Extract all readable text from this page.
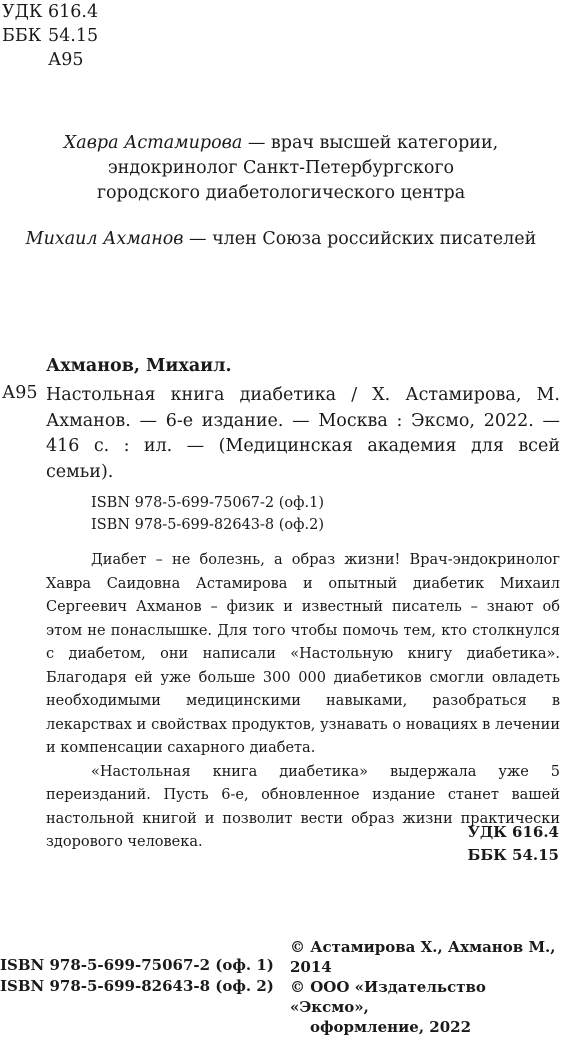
УДК 616.4
ББК 54.15
А95
Хавра Астамирова — врач высшей категории,
эндокринолог Санкт-Петербургского
городского диабетологического центра
Михаил Ахманов — член Союза российских писателей
Ахманов, Михаил.
А95 Настольная книга диабетика / Х. Астамирова, М. Ахманов. — 6-е издание. — Москва : Эксмо, 2022. — 416 с. : ил. — (Медицинская академия для всей семьи).
ISBN 978-5-699-75067-2 (оф.1)
ISBN 978-5-699-82643-8 (оф.2)

Диабет – не болезнь, а образ жизни! Врач-эндокринолог Хавра Саидовна Астамирова и опытный диабетик Михаил Сергеевич Ахманов – физик и известный писатель – знают об этом не понаслышке. Для того чтобы помочь тем, кто столкнулся с диабетом, они написали «Настольную книгу диабетика». Благодаря ей уже больше 300 000 диабетиков смогли овладеть необходимыми медицинскими навыками, разобраться в лекарствах и свойствах продуктов, узнавать о новациях в лечении и компенсации сахарного диабета.

«Настольная книга диабетика» выдержала уже 5 переизданий. Пусть 6-е, обновленное издание станет вашей настольной книгой и позволит вести образ жизни практически здорового человека.

УДК 616.4
ББК 54.15
ISBN 978-5-699-75067-2 (оф. 1)
ISBN 978-5-699-82643-8 (оф. 2)
© Астамирова Х., Ахманов М., 2014
© ООО «Издательство «Эксмо»,
оформление, 2022
